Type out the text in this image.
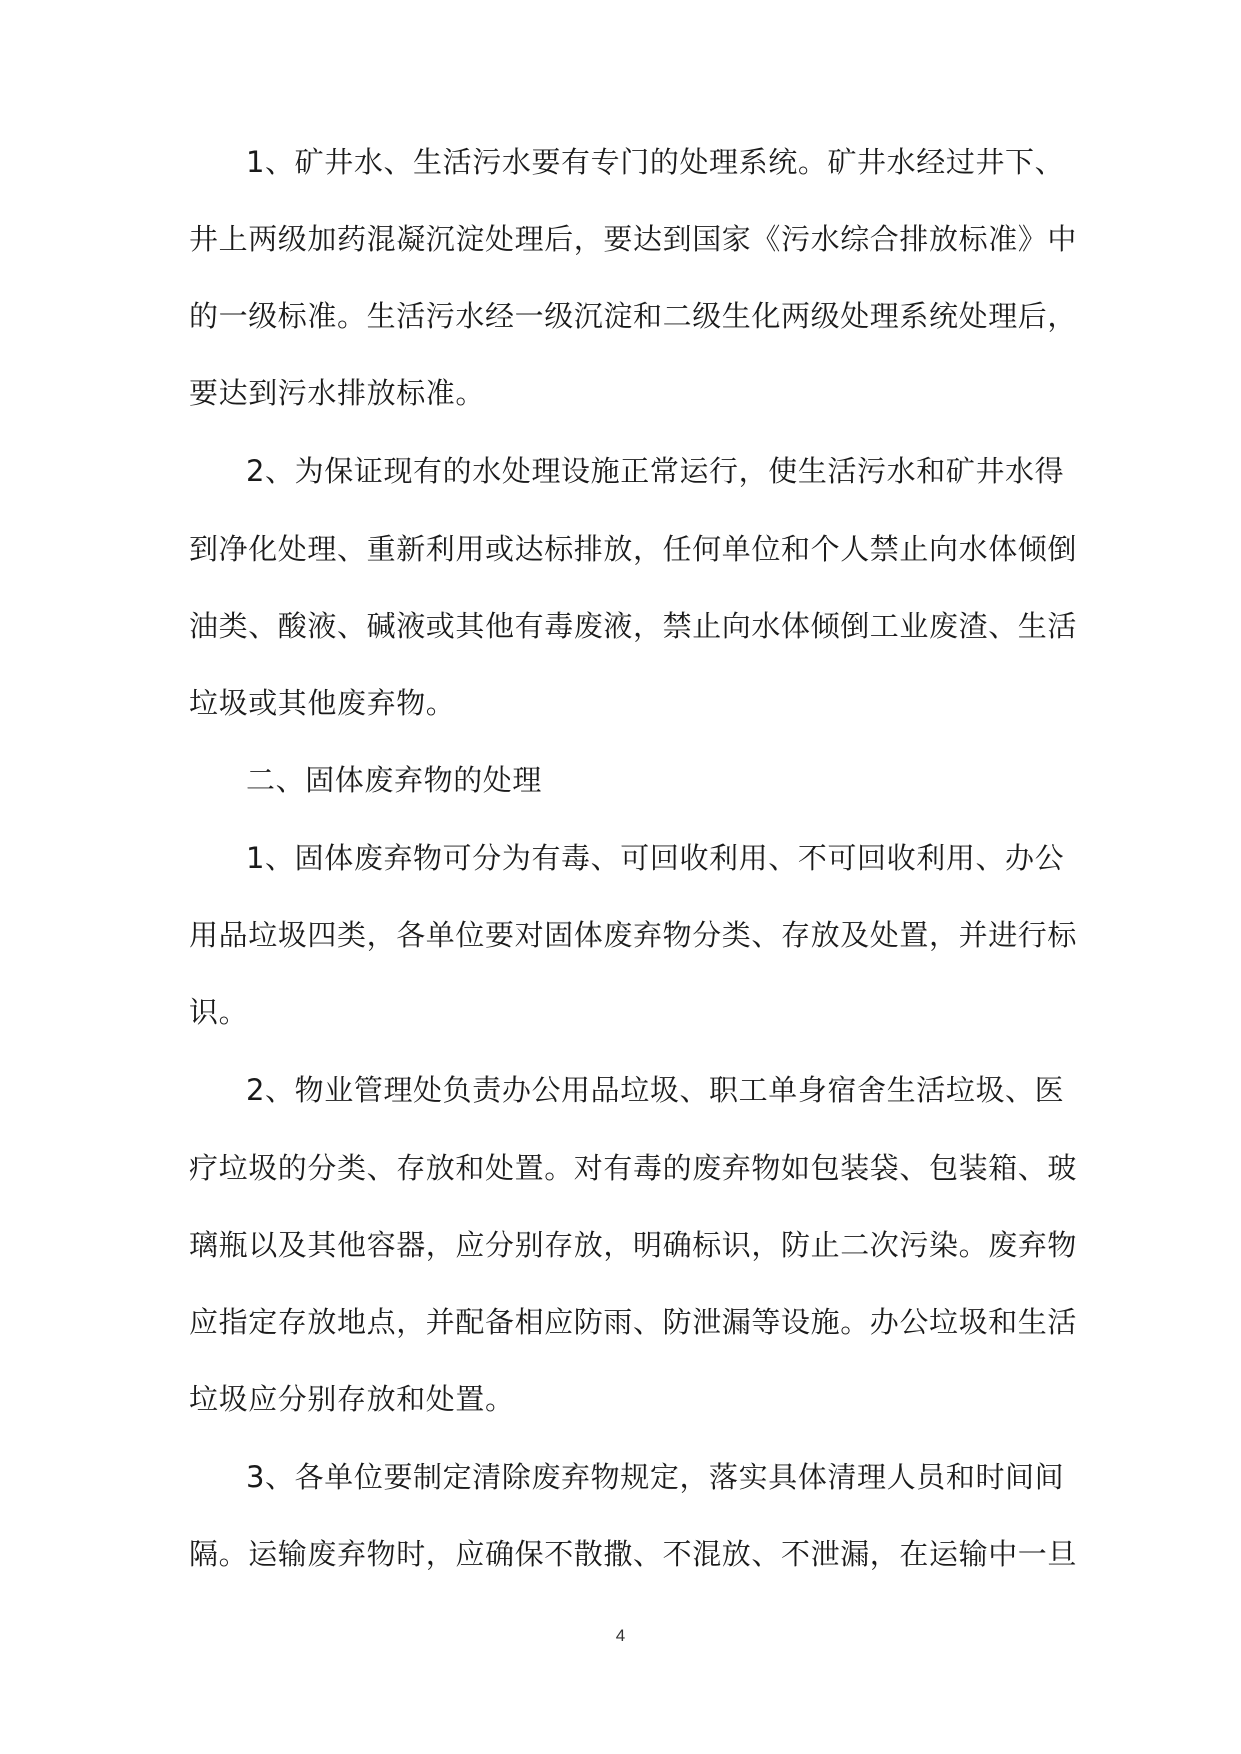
1、矿井水、生活污水要有专门的处理系统。矿井水经过井下、
井上两级加药混凝沉淀处理后，要达到国家《污水综合排放标准》中
的一级标准。生活污水经一级沉淀和二级生化两级处理系统处理后，
要达到污水排放标准。
2、为保证现有的水处理设施正常运行，使生活污水和矿井水得
到净化处理、重新利用或达标排放，任何单位和个人禁止向水体倾倒
油类、酸液、碱液或其他有毒废液，禁止向水体倾倒工业废渣、生活
垃圾或其他废弃物。
二、固体废弃物的处理
1、固体废弃物可分为有毒、可回收利用、不可回收利用、办公
用品垃圾四类，各单位要对固体废弃物分类、存放及处置，并进行标
识。
2、物业管理处负责办公用品垃圾、职工单身宿舍生活垃圾、医
疗垃圾的分类、存放和处置。对有毒的废弃物如包装袋、包装箱、玻
璃瓶以及其他容器，应分别存放，明确标识，防止二次污染。废弃物
应指定存放地点，并配备相应防雨、防泄漏等设施。办公垃圾和生活
垃圾应分别存放和处置。
3、各单位要制定清除废弃物规定，落实具体清理人员和时间间
隔。运输废弃物时，应确保不散撒、不混放、不泄漏，在运输中一旦
4
